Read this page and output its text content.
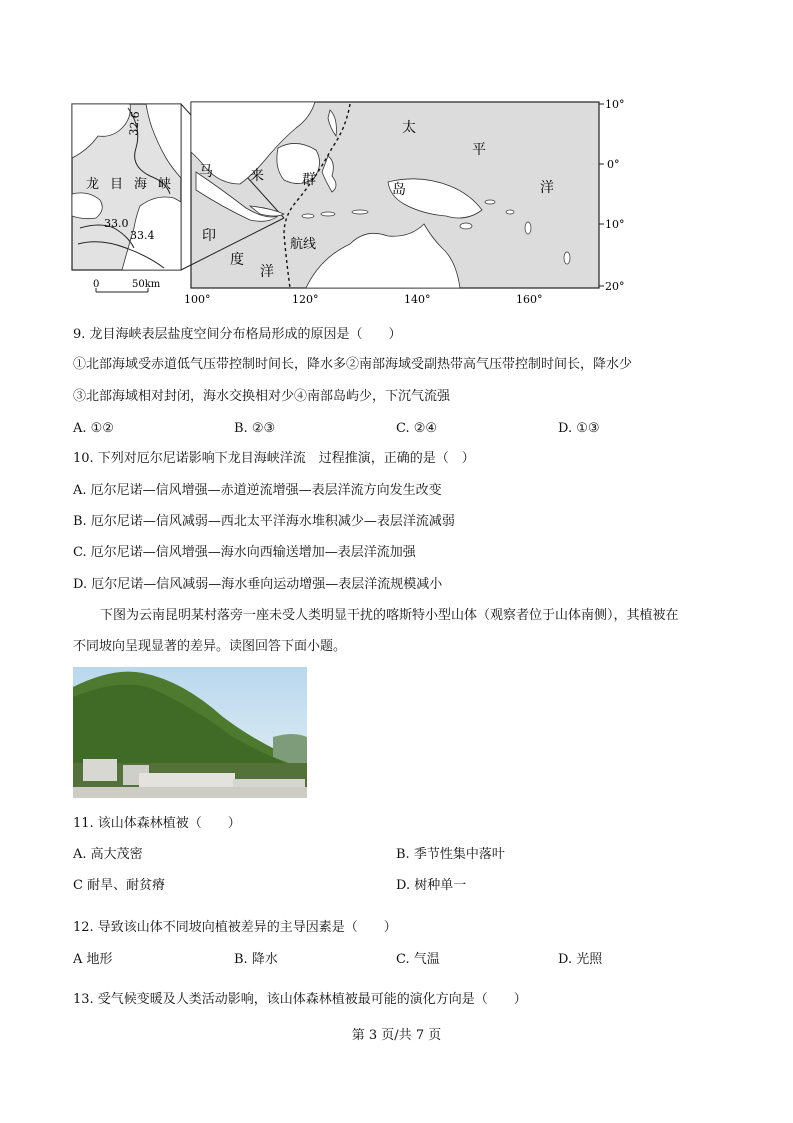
32.6
龙 目 海 峡
33.0
33.4
0	50km
太
平
洋
马	来	群
岛
印
度
洋
航线
10°
0°
10°
20°
100°	120°	140°	160°
9. 龙目海峡表层盐度空间分布格局形成的原因是（　　）
①北部海域受赤道低气压带控制时间长，降水多②南部海域受副热带高气压带控制时间长，降水少
③北部海域相对封闭，海水交换相对少④南部岛屿少，下沉气流强
A. ①②	B. ②③	C. ②④	D. ①③
10. 下列对厄尔尼诺影响下龙目海峡洋流　过程推演，正确的是（　）
A. 厄尔尼诺—信风增强—赤道逆流增强—表层洋流方向发生改变
B. 厄尔尼诺—信风减弱—西北太平洋海水堆积减少—表层洋流减弱
C. 厄尔尼诺—信风增强—海水向西输送增加—表层洋流加强
D. 厄尔尼诺—信风减弱—海水垂向运动增强—表层洋流规模减小
下图为云南昆明某村落旁一座未受人类明显干扰的喀斯特小型山体（观察者位于山体南侧），其植被在
不同坡向呈现显著的差异。读图回答下面小题。
11. 该山体森林植被（　　）
A. 高大茂密	B. 季节性集中落叶
C 耐旱、耐贫瘠	D. 树种单一
12. 导致该山体不同坡向植被差异的主导因素是（　　）
A 地形	B. 降水	C. 气温	D. 光照
13. 受气候变暖及人类活动影响，该山体森林植被最可能的演化方向是（　　）
第 3 页/共 7 页
